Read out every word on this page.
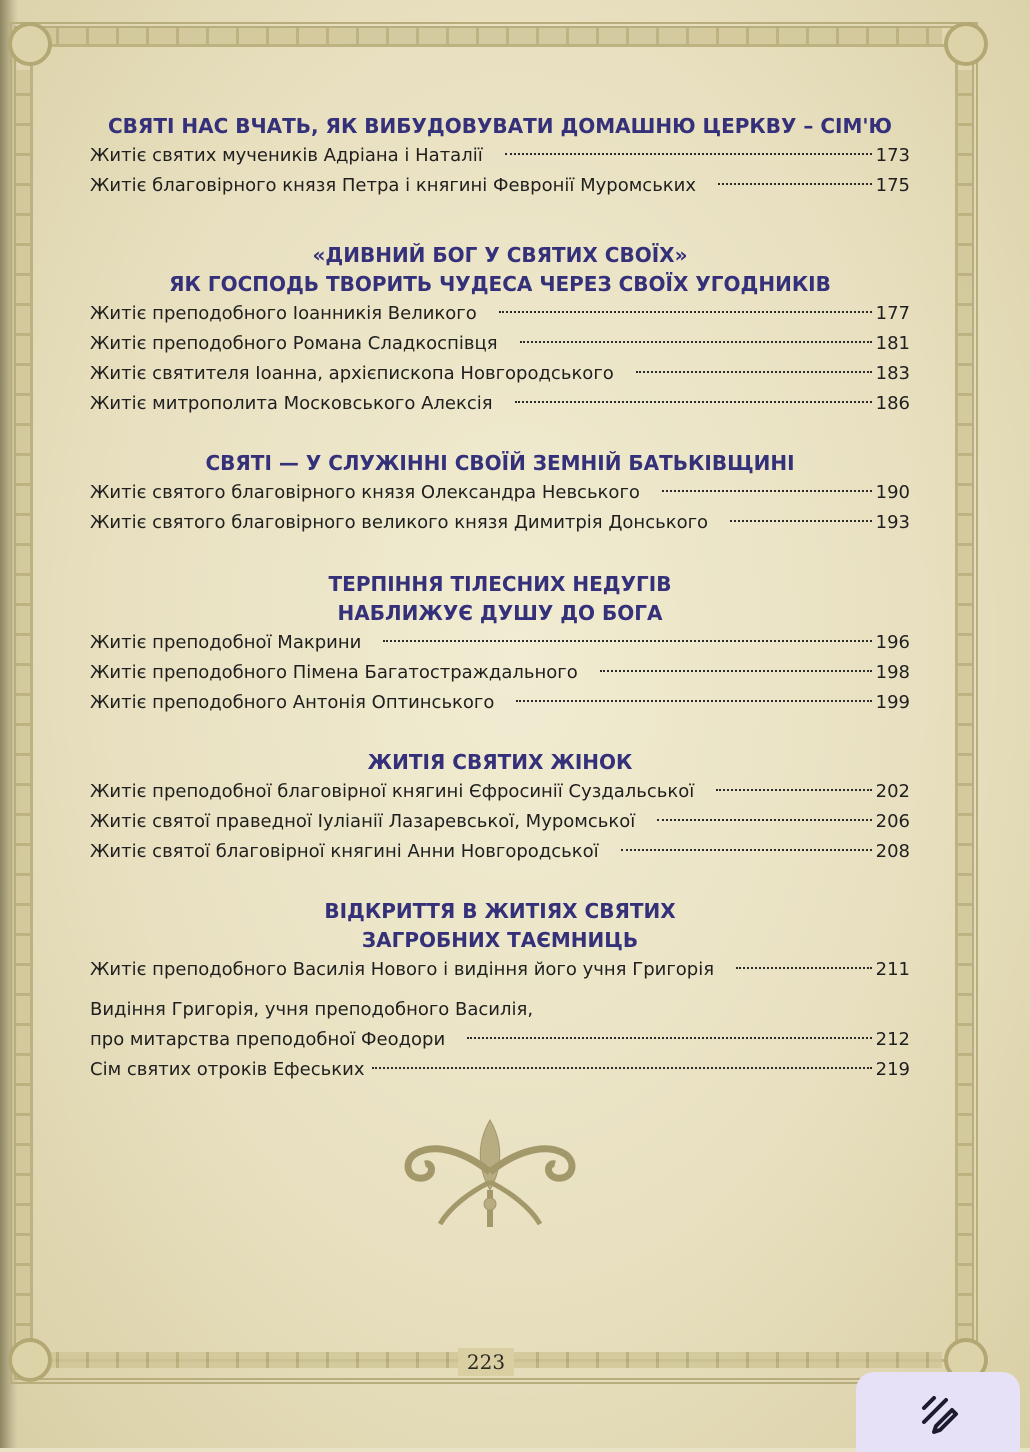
СВЯТІ НАС ВЧАТЬ, ЯК ВИБУДОВУВАТИ ДОМАШНЮ ЦЕРКВУ – СІМ'Ю
Житіє святих мучеників Адріана і Наталії	173
Житіє благовірного князя Петра і княгині Февронії Муромських	175
«ДИВНИЙ БОГ У СВЯТИХ СВОЇХ»
ЯК ГОСПОДЬ ТВОРИТЬ ЧУДЕСА ЧЕРЕЗ СВОЇХ УГОДНИКІВ
Житіє преподобного Іоанникія Великого	177
Житіє преподобного Романа Сладкоспівця	181
Житіє святителя Іоанна, архієпископа Новгородського	183
Житіє митрополита Московського Алексія	186
СВЯТІ — У СЛУЖІННІ СВОЇЙ ЗЕМНІЙ БАТЬКІВЩИНІ
Житіє святого благовірного князя Олександра Невського	190
Житіє святого благовірного великого князя Димитрія Донського	193
ТЕРПІННЯ ТІЛЕСНИХ НЕДУГІВ
НАБЛИЖУЄ ДУШУ ДО БОГА
Житіє преподобної Макрини	196
Житіє преподобного Пімена Багатостраждального	198
Житіє преподобного Антонія Оптинського	199
ЖИТІЯ СВЯТИХ ЖІНОК
Житіє преподобної благовірної княгині Єфросинії Суздальської	202
Житіє святої праведної Іуліанії Лазаревської, Муромської	206
Житіє святої благовірної княгині Анни Новгородської	208
ВІДКРИТТЯ В ЖИТІЯХ СВЯТИХ
ЗАГРОБНИХ ТАЄМНИЦЬ
Житіє преподобного Василія Нового і видіння його учня Григорія	211
Видіння Григорія, учня преподобного Василія,
про митарства преподобної Феодори	212
Сім святих отроків Ефеських	219
223
